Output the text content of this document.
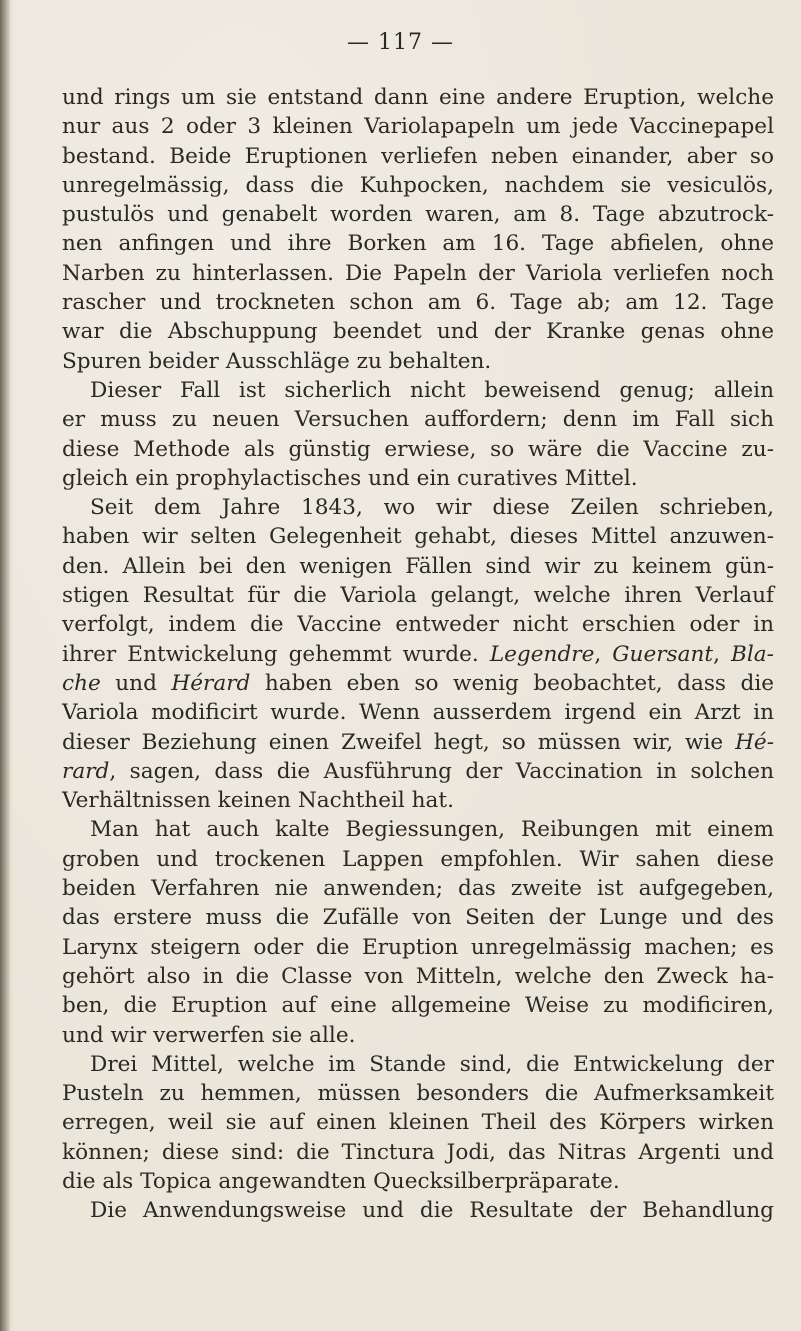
— 117 —
und rings um sie entstand dann eine andere Eruption, welche
nur aus 2 oder 3 kleinen Variolapapeln um jede Vaccinepapel
bestand. Beide Eruptionen verliefen neben einander, aber so
unregelmässig, dass die Kuhpocken, nachdem sie vesiculös,
pustulös und genabelt worden waren, am 8. Tage abzutrock-
nen anfingen und ihre Borken am 16. Tage abfielen, ohne
Narben zu hinterlassen. Die Papeln der Variola verliefen noch
rascher und trockneten schon am 6. Tage ab; am 12. Tage
war die Abschuppung beendet und der Kranke genas ohne
Spuren beider Ausschläge zu behalten.
Dieser Fall ist sicherlich nicht beweisend genug; allein
er muss zu neuen Versuchen auffordern; denn im Fall sich
diese Methode als günstig erwiese, so wäre die Vaccine zu-
gleich ein prophylactisches und ein curatives Mittel.
Seit dem Jahre 1843, wo wir diese Zeilen schrieben,
haben wir selten Gelegenheit gehabt, dieses Mittel anzuwen-
den. Allein bei den wenigen Fällen sind wir zu keinem gün-
stigen Resultat für die Variola gelangt, welche ihren Verlauf
verfolgt, indem die Vaccine entweder nicht erschien oder in
ihrer Entwickelung gehemmt wurde. Legendre, Guersant, Bla-
che und Hérard haben eben so wenig beobachtet, dass die
Variola modificirt wurde. Wenn ausserdem irgend ein Arzt in
dieser Beziehung einen Zweifel hegt, so müssen wir, wie Hé-
rard, sagen, dass die Ausführung der Vaccination in solchen
Verhältnissen keinen Nachtheil hat.
Man hat auch kalte Begiessungen, Reibungen mit einem
groben und trockenen Lappen empfohlen. Wir sahen diese
beiden Verfahren nie anwenden; das zweite ist aufgegeben,
das erstere muss die Zufälle von Seiten der Lunge und des
Larynx steigern oder die Eruption unregelmässig machen; es
gehört also in die Classe von Mitteln, welche den Zweck ha-
ben, die Eruption auf eine allgemeine Weise zu modificiren,
und wir verwerfen sie alle.
Drei Mittel, welche im Stande sind, die Entwickelung der
Pusteln zu hemmen, müssen besonders die Aufmerksamkeit
erregen, weil sie auf einen kleinen Theil des Körpers wirken
können; diese sind: die Tinctura Jodi, das Nitras Argenti und
die als Topica angewandten Quecksilberpräparate.
Die Anwendungsweise und die Resultate der Behandlung
